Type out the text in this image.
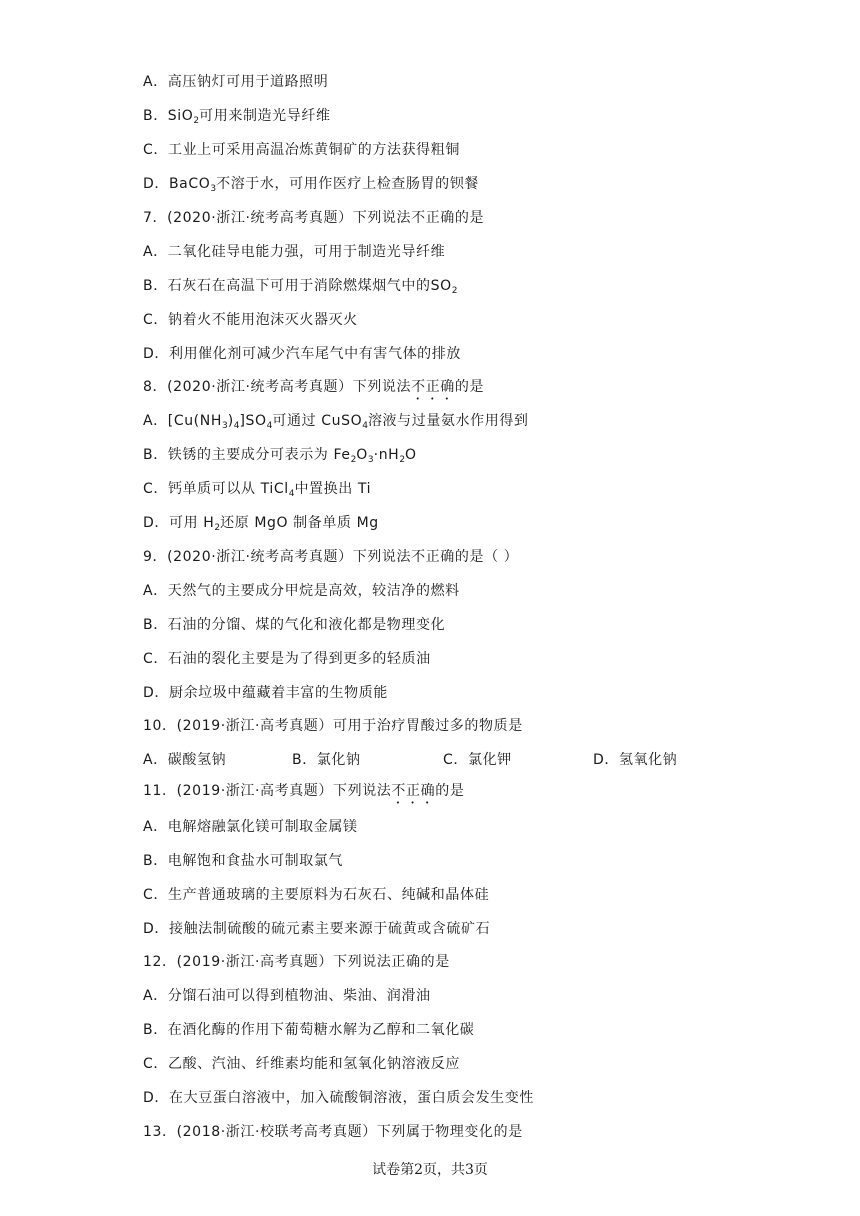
A．高压钠灯可用于道路照明
B．SiO$_2$可用来制造光导纤维
C．工业上可采用高温冶炼黄铜矿的方法获得粗铜
D．BaCO$_3$不溶于水，可用作医疗上检查肠胃的钡餐
7．(2020·浙江·统考高考真题）下列说法不正确的是
A．二氧化硅导电能力强，可用于制造光导纤维
B．石灰石在高温下可用于消除燃煤烟气中的$SO_2$
C．钠着火不能用泡沫灭火器灭火
D．利用催化剂可减少汽车尾气中有害气体的排放
8．(2020·浙江·统考高考真题）下列说法不正确的是
A．$[Cu(NH_3)_4]SO_4$可通过 CuSO$_4$溶液与过量氨水作用得到
B．铁锈的主要成分可表示为 $Fe_2O_3\cdot nH_2O$
C．钙单质可以从 TiCl$_4$中置换出 Ti
D．可用 $H_2$还原 MgO 制备单质 Mg
9．(2020·浙江·统考高考真题）下列说法不正确的是（ ）
A．天然气的主要成分甲烷是高效，较洁净的燃料
B．石油的分馏、煤的气化和液化都是物理变化
C．石油的裂化主要是为了得到更多的轻质油
D．厨余垃圾中蕴藏着丰富的生物质能
10．(2019·浙江·高考真题）可用于治疗胃酸过多的物质是
A．碳酸氢钠	B．氯化钠	C．氯化钾	D．氢氧化钠
11．(2019·浙江·高考真题）下列说法不正确的是
A．电解熔融氯化镁可制取金属镁
B．电解饱和食盐水可制取氯气
C．生产普通玻璃的主要原料为石灰石、纯碱和晶体硅
D．接触法制硫酸的硫元素主要来源于硫黄或含硫矿石
12．(2019·浙江·高考真题）下列说法正确的是
A．分馏石油可以得到植物油、柴油、润滑油
B．在酒化酶的作用下葡萄糖水解为乙醇和二氧化碳
C．乙酸、汽油、纤维素均能和氢氧化钠溶液反应
D．在大豆蛋白溶液中，加入硫酸铜溶液，蛋白质会发生变性
13．(2018·浙江·校联考高考真题）下列属于物理变化的是
试卷第2页，共3页
